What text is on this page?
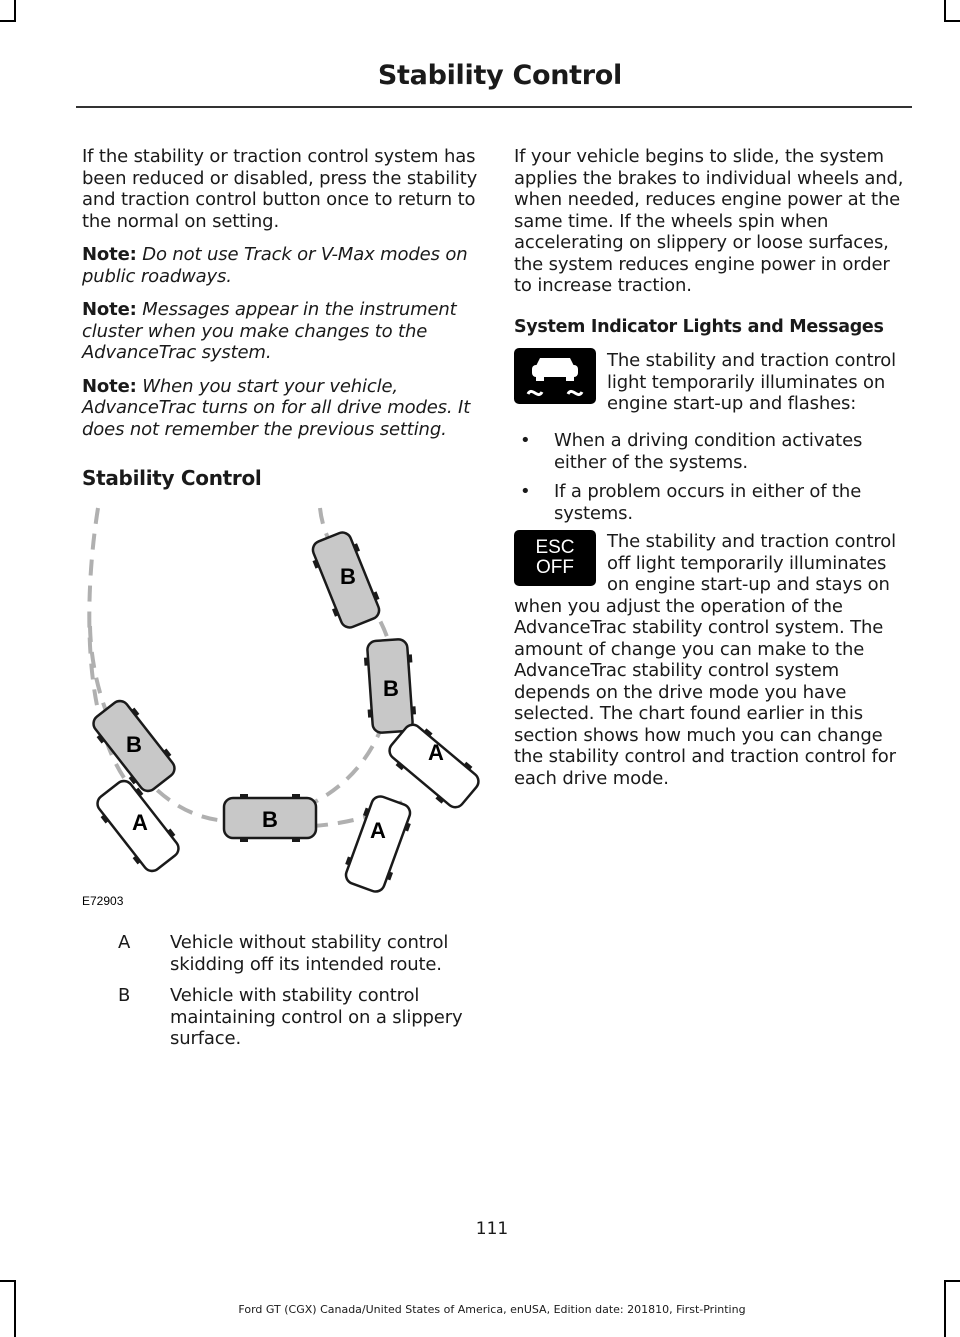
Stability Control

If the stability or traction control system has been reduced or disabled, press the stability and traction control button once to return to the normal on setting.

Note: Do not use Track or V-Max modes on public roadways.

Note: Messages appear in the instrument cluster when you make changes to the AdvanceTrac system.

Note: When you start your vehicle, AdvanceTrac turns on for all drive modes. It does not remember the previous setting.

Stability Control
B
B
B
B
A	A
A
E72903
A	Vehicle without stability control skidding off its intended route.
B	Vehicle with stability control maintaining control on a slippery surface.

If your vehicle begins to slide, the system applies the brakes to individual wheels and, when needed, reduces engine power at the same time. If the wheels spin when accelerating on slippery or loose surfaces, the system reduces engine power in order to increase traction.

System Indicator Lights and Messages
The stability and traction control light temporarily illuminates on engine start-up and flashes:
•	When a driving condition activates either of the systems.
•	If a problem occurs in either of the systems.
ESC
OFF

The stability and traction control off light temporarily illuminates on engine start-up and stays on when you adjust the operation of the AdvanceTrac stability control system. The amount of change you can make to the AdvanceTrac stability control system depends on the drive mode you have selected. The chart found earlier in this section shows how much you can change the stability control and traction control for each drive mode.

111
Ford GT (CGX) Canada/United States of America, enUSA, Edition date: 201810, First-Printing
